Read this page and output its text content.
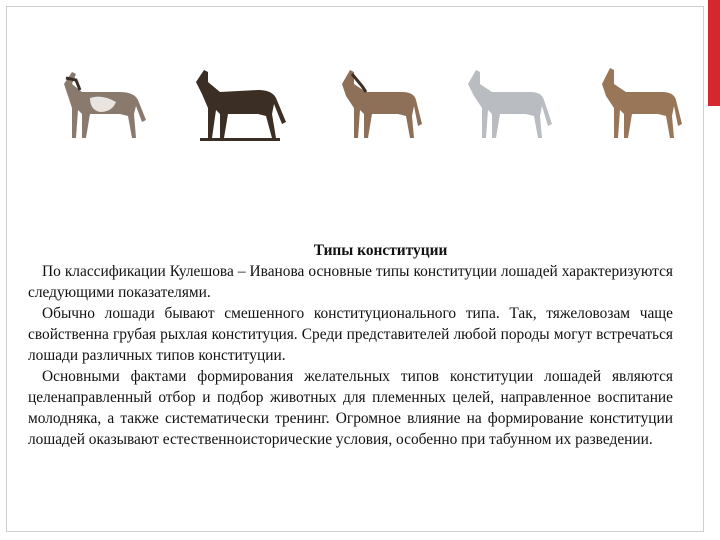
Типы конституции

По классификации Кулешова – Иванова основные типы конституции лошадей характеризуются следующими показателями.

Обычно лошади бывают смешенного конституционального типа. Так, тяжеловозам чаще свойственна грубая рыхлая конституция. Среди представителей любой породы могут встречаться лошади различных типов конституции.

Основными фактами формирования желательных типов конституции лошадей являются целенаправленный отбор и подбор животных для племенных целей, направленное воспитание молодняка, а также систематически тренинг. Огромное влияние на формирование конституции лошадей оказывают естественноисторические условия, особенно при табунном их разведении.
